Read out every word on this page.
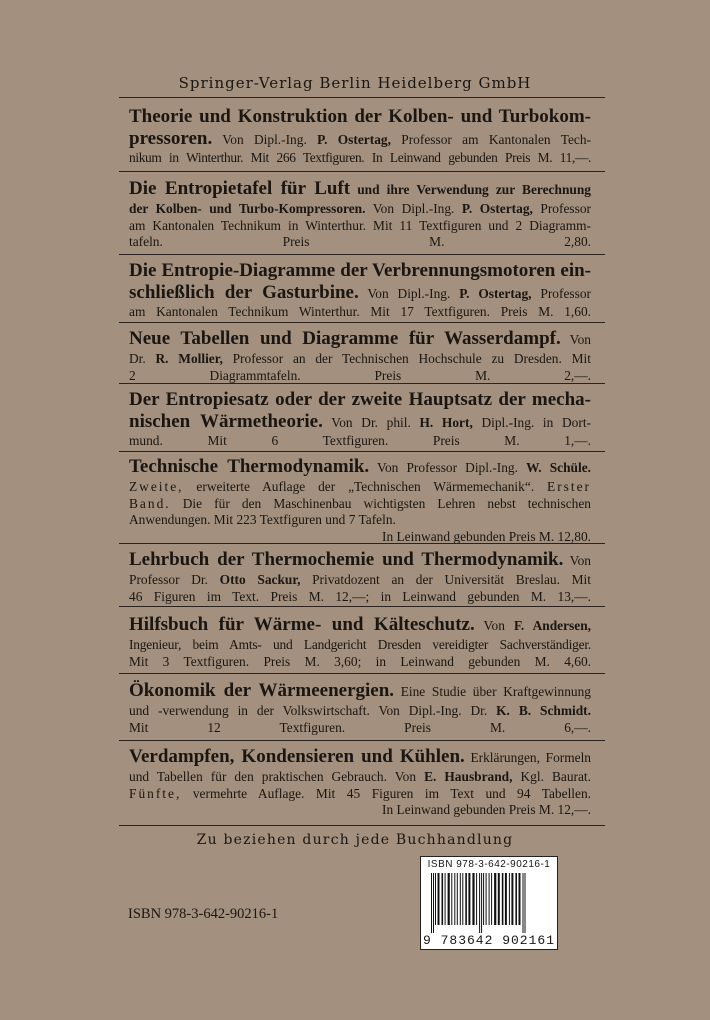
Springer-Verlag Berlin Heidelberg GmbH
Theorie und Konstruktion der Kolben- und Turbokom-
pressoren. Von Dipl.-Ing. P. Ostertag, Professor am Kantonalen Tech-
nikum in Winterthur. Mit 266 Textfiguren. In Leinwand gebunden Preis M. 11,—.
Die Entropietafel für Luft und ihre Verwendung zur Berechnung
der Kolben- und Turbo-Kompressoren. Von Dipl.-Ing. P. Ostertag, Professor
am Kantonalen Technikum in Winterthur. Mit 11 Textfiguren und 2 Diagramm-
tafeln.	Preis M. 2,80.
Die Entropie-Diagramme der Verbrennungsmotoren ein-
schließlich der Gasturbine. Von Dipl.-Ing. P. Ostertag, Professor
am Kantonalen Technikum Winterthur. Mit 17 Textfiguren. Preis M. 1,60.
Neue Tabellen und Diagramme für Wasserdampf. Von
Dr. R. Mollier, Professor an der Technischen Hochschule zu Dresden. Mit
2 Diagrammtafeln.	Preis M. 2,—.
Der Entropiesatz oder der zweite Hauptsatz der mecha-
nischen Wärmetheorie. Von Dr. phil. H. Hort, Dipl.-Ing. in Dort-
mund. Mit 6 Textfiguren.	Preis M. 1,—.
Technische Thermodynamik. Von Professor Dipl.-Ing. W. Schüle.
Zweite, erweiterte Auflage der „Technischen Wärmemechanik“. Erster
Band. Die für den Maschinenbau wichtigsten Lehren nebst technischen
Anwendungen. Mit 223 Textfiguren und 7 Tafeln.
In Leinwand gebunden Preis M. 12,80.
Lehrbuch der Thermochemie und Thermodynamik. Von
Professor Dr. Otto Sackur, Privatdozent an der Universität Breslau. Mit
46 Figuren im Text. Preis M. 12,—; in Leinwand gebunden M. 13,—.
Hilfsbuch für Wärme- und Kälteschutz. Von F. Andersen,
Ingenieur, beim Amts- und Landgericht Dresden vereidigter Sachverständiger.
Mit 3 Textfiguren. Preis M. 3,60; in Leinwand gebunden M. 4,60.
Ökonomik der Wärmeenergien. Eine Studie über Kraftgewinnung
und -verwendung in der Volkswirtschaft. Von Dipl.-Ing. Dr. K. B. Schmidt.
Mit 12 Textfiguren.	Preis M. 6,—.
Verdampfen, Kondensieren und Kühlen. Erklärungen, Formeln
und Tabellen für den praktischen Gebrauch. Von E. Hausbrand, Kgl. Baurat.
Fünfte, vermehrte Auflage. Mit 45 Figuren im Text und 94 Tabellen.
In Leinwand gebunden Preis M. 12,—.
Zu beziehen durch jede Buchhandlung
ISBN 978-3-642-90216-1
ISBN 978-3-642-90216-1
9 783642 902161
